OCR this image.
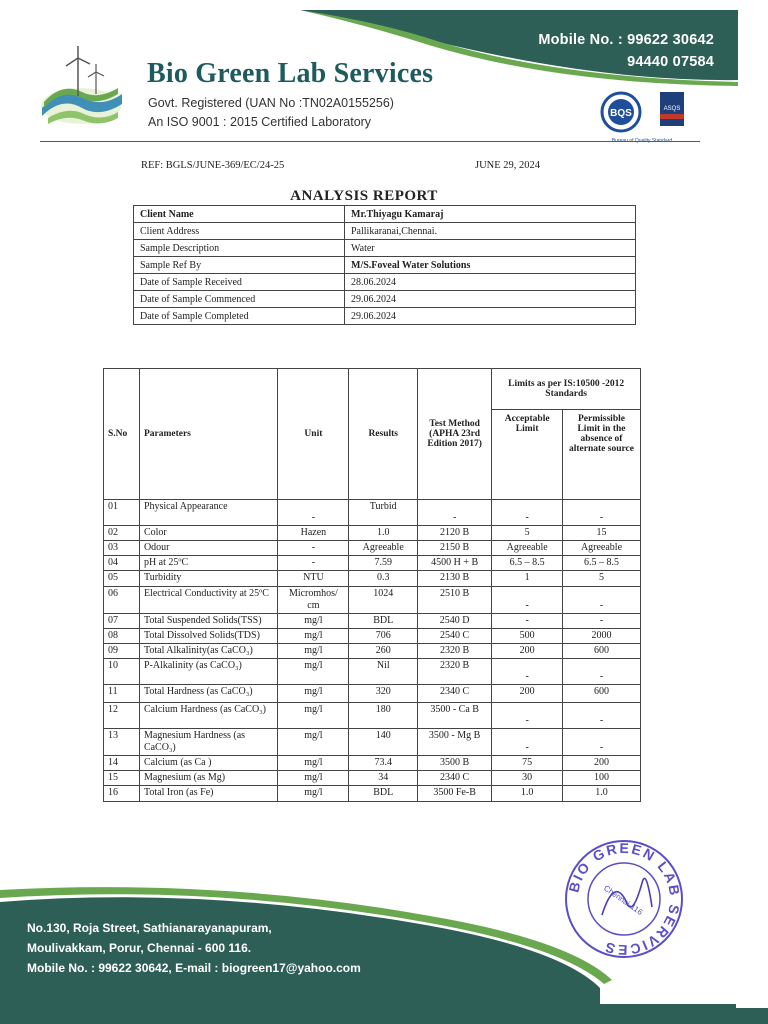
Mobile No. : 99622 30642
94440 07584
Bio Green Lab Services
Govt. Registered (UAN No :TN02A0155256)
An ISO 9001 : 2015 Certified Laboratory
BQS	ASQS
REF: BGLS/JUNE-369/EC/24-25	JUNE 29, 2024
ANALYSIS REPORT
Client Name	Mr.Thiyagu Kamaraj
Client Address	Pallikaranai,Chennai.
Sample Description	Water
Sample Ref By	M/S.Foveal Water Solutions
Date of Sample Received	28.06.2024
Date of Sample Commenced	29.06.2024
Date of Sample Completed	29.06.2024
S.No	Parameters	Unit	Results	Test Method (APHA 23rd Edition 2017)	Limits as per IS:10500 -2012 Standards	
					Acceptable Limit	Permissible Limit in the absence of alternate source
01	Physical Appearance	-	Turbid	-	-	-
02	Color	Hazen	1.0	2120 B	5	15
03	Odour	-	Agreeable	2150 B	Agreeable	Agreeable
04	pH at 25ºC	-	7.59	4500 H + B	6.5 – 8.5	6.5 – 8.5
05	Turbidity	NTU	0.3	2130 B	1	5
06	Electrical Conductivity at 25ºC	Micromhos/ cm	1024	2510 B	-	-
07	Total Suspended Solids(TSS)	mg/l	BDL	2540 D	-	-
08	Total Dissolved Solids(TDS)	mg/l	706	2540 C	500	2000
09	Total Alkalinity(as CaCO₃)	mg/l	260	2320 B	200	600
10	P-Alkalinity (as CaCO₃)	mg/l	Nil	2320 B	-	-
11	Total Hardness (as CaCO₃)	mg/l	320	2340 C	200	600
12	Calcium Hardness (as CaCO₃)	mg/l	180	3500 - Ca B	-	-
13	Magnesium Hardness (as CaCO₃)	mg/l	140	3500 - Mg B	-	-
14	Calcium (as Ca )	mg/l	73.4	3500 B	75	200
15	Magnesium (as Mg)	mg/l	34	2340 C	30	100
16	Total Iron (as Fe)	mg/l	BDL	3500 Fe-B	1.0	1.0
No.130, Roja Street, Sathianarayanapuram,
Moulivakkam, Porur, Chennai - 600 116.
Mobile No. : 99622 30642, E-mail : biogreen17@yahoo.com
BIO GREEN LAB SERVICES
Chennai-116
